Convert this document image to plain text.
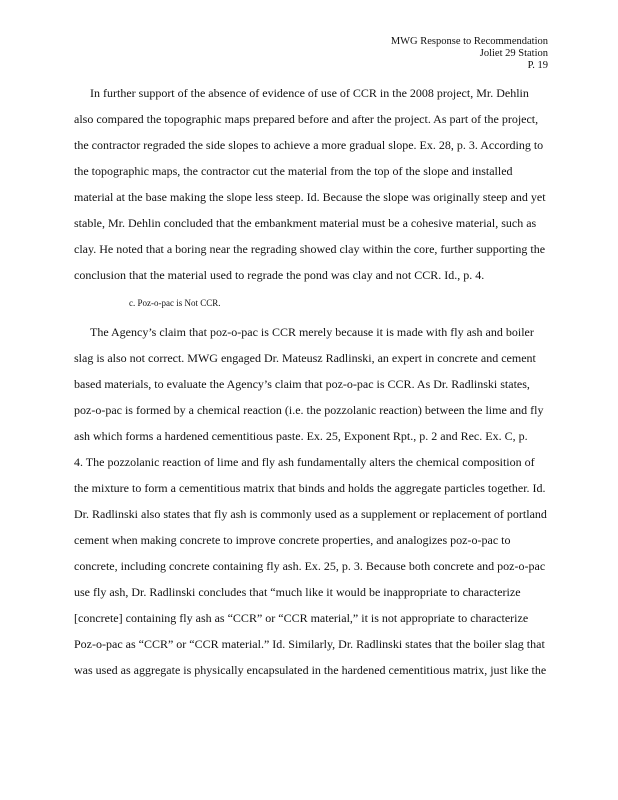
MWG Response to Recommendation
Joliet 29 Station
P. 19
In further support of the absence of evidence of use of CCR in the 2008 project, Mr. Dehlin
also compared the topographic maps prepared before and after the project. As part of the project,
the contractor regraded the side slopes to achieve a more gradual slope. Ex. 28, p. 3. According to
the topographic maps, the contractor cut the material from the top of the slope and installed
material at the base making the slope less steep. Id. Because the slope was originally steep and yet
stable, Mr. Dehlin concluded that the embankment material must be a cohesive material, such as
clay. He noted that a boring near the regrading showed clay within the core, further supporting the
conclusion that the material used to regrade the pond was clay and not CCR. Id., p. 4.
c. Poz-o-pac is Not CCR.
The Agency’s claim that poz-o-pac is CCR merely because it is made with fly ash and boiler
slag is also not correct. MWG engaged Dr. Mateusz Radlinski, an expert in concrete and cement
based materials, to evaluate the Agency’s claim that poz-o-pac is CCR. As Dr. Radlinski states,
poz-o-pac is formed by a chemical reaction (i.e. the pozzolanic reaction) between the lime and fly
ash which forms a hardened cementitious paste. Ex. 25, Exponent Rpt., p. 2 and Rec. Ex. C, p.
4. The pozzolanic reaction of lime and fly ash fundamentally alters the chemical composition of
the mixture to form a cementitious matrix that binds and holds the aggregate particles together. Id.
Dr. Radlinski also states that fly ash is commonly used as a supplement or replacement of portland
cement when making concrete to improve concrete properties, and analogizes poz-o-pac to
concrete, including concrete containing fly ash. Ex. 25, p. 3. Because both concrete and poz-o-pac
use fly ash, Dr. Radlinski concludes that “much like it would be inappropriate to characterize
[concrete] containing fly ash as “CCR” or “CCR material,” it is not appropriate to characterize
Poz-o-pac as “CCR” or “CCR material.” Id. Similarly, Dr. Radlinski states that the boiler slag that
was used as aggregate is physically encapsulated in the hardened cementitious matrix, just like the
